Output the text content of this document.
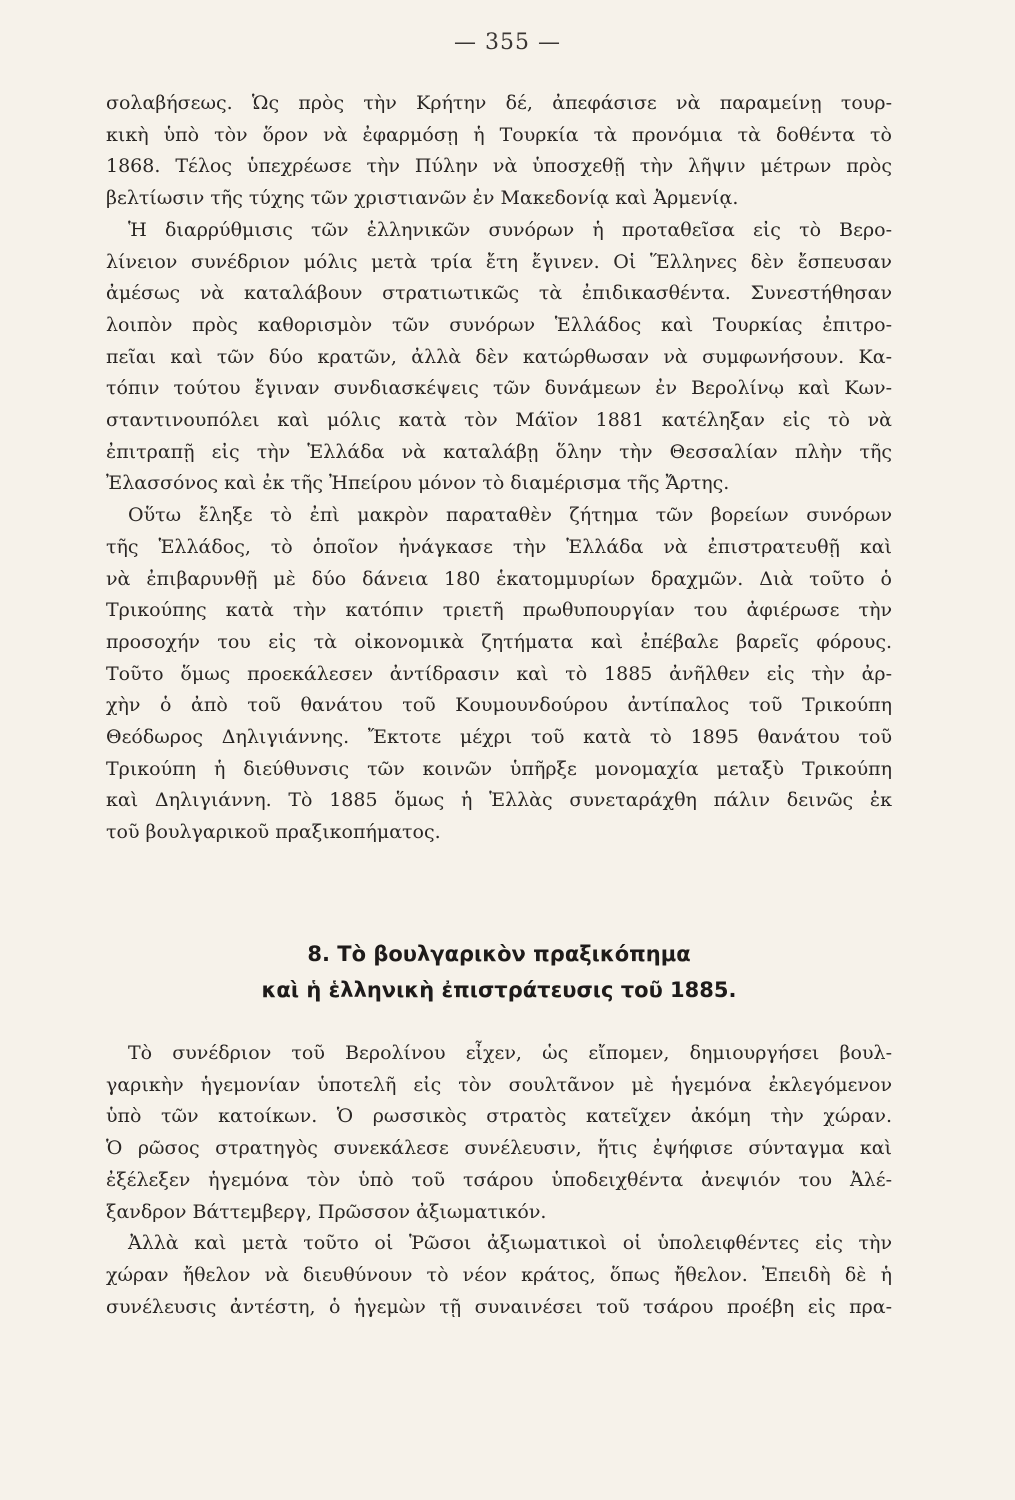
— 355 —
σολαβήσεως. Ὡς πρὸς τὴν Κρήτην δέ, ἀπεφάσισε νὰ παραμείνῃ τουρ-
κικὴ ὑπὸ τὸν ὅρον νὰ ἐφαρμόσῃ ἡ Τουρκία τὰ προνόμια τὰ δοθέντα τὸ
1868. Τέλος ὑπεχρέωσε τὴν Πύλην νὰ ὑποσχεθῇ τὴν λῆψιν μέτρων πρὸς
βελτίωσιν τῆς τύχης τῶν χριστιανῶν ἐν Μακεδονίᾳ καὶ Ἀρμενίᾳ.
Ἡ διαρρύθμισις τῶν ἑλληνικῶν συνόρων ἡ προταθεῖσα εἰς τὸ Βερο-
λίνειον συνέδριον μόλις μετὰ τρία ἔτη ἔγινεν. Οἱ Ἕλληνες δὲν ἔσπευσαν
ἀμέσως νὰ καταλάβουν στρατιωτικῶς τὰ ἐπιδικασθέντα. Συνεστήθησαν
λοιπὸν πρὸς καθορισμὸν τῶν συνόρων Ἑλλάδος καὶ Τουρκίας ἐπιτρο-
πεῖαι καὶ τῶν δύο κρατῶν, ἀλλὰ δὲν κατώρθωσαν νὰ συμφωνήσουν. Κα-
τόπιν τούτου ἔγιναν συνδιασκέψεις τῶν δυνάμεων ἐν Βερολίνῳ καὶ Κων-
σταντινουπόλει καὶ μόλις κατὰ τὸν Μάϊον 1881 κατέληξαν εἰς τὸ νὰ
ἐπιτραπῇ εἰς τὴν Ἑλλάδα νὰ καταλάβῃ ὅλην τὴν Θεσσαλίαν πλὴν τῆς
Ἐλασσόνος καὶ ἐκ τῆς Ἠπείρου μόνον τὸ διαμέρισμα τῆς Ἄρτης.
Οὕτω ἔληξε τὸ ἐπὶ μακρὸν παραταθὲν ζήτημα τῶν βορείων συνόρων
τῆς Ἑλλάδος, τὸ ὁποῖον ἠνάγκασε τὴν Ἑλλάδα νὰ ἐπιστρατευθῇ καὶ
νὰ ἐπιβαρυνθῇ μὲ δύο δάνεια 180 ἑκατομμυρίων δραχμῶν. Διὰ τοῦτο ὁ
Τρικούπης κατὰ τὴν κατόπιν τριετῆ πρωθυπουργίαν του ἀφιέρωσε τὴν
προσοχήν του εἰς τὰ οἰκονομικὰ ζητήματα καὶ ἐπέβαλε βαρεῖς φόρους.
Τοῦτο ὅμως προεκάλεσεν ἀντίδρασιν καὶ τὸ 1885 ἀνῆλθεν εἰς τὴν ἀρ-
χὴν ὁ ἀπὸ τοῦ θανάτου τοῦ Κουμουνδούρου ἀντίπαλος τοῦ Τρικούπη
Θεόδωρος Δηλιγιάννης. Ἔκτοτε μέχρι τοῦ κατὰ τὸ 1895 θανάτου τοῦ
Τρικούπη ἡ διεύθυνσις τῶν κοινῶν ὑπῆρξε μονομαχία μεταξὺ Τρικούπη
καὶ Δηλιγιάννη. Τὸ 1885 ὅμως ἡ Ἑλλὰς συνεταράχθη πάλιν δεινῶς ἐκ
τοῦ βουλγαρικοῦ πραξικοπήματος.
8. Τὸ βουλγαρικὸν πραξικόπημα
καὶ ἡ ἑλληνικὴ ἐπιστράτευσις τοῦ 1885.
Τὸ συνέδριον τοῦ Βερολίνου εἶχεν, ὡς εἴπομεν, δημιουργήσει βουλ-
γαρικὴν ἡγεμονίαν ὑποτελῆ εἰς τὸν σουλτᾶνον μὲ ἡγεμόνα ἐκλεγόμενον
ὑπὸ τῶν κατοίκων. Ὁ ρωσσικὸς στρατὸς κατεῖχεν ἀκόμη τὴν χώραν.
Ὁ ρῶσος στρατηγὸς συνεκάλεσε συνέλευσιν, ἥτις ἐψήφισε σύνταγμα καὶ
ἐξέλεξεν ἡγεμόνα τὸν ὑπὸ τοῦ τσάρου ὑποδειχθέντα ἀνεψιόν του Ἀλέ-
ξανδρον Βάττεμβεργ, Πρῶσσον ἀξιωματικόν.
Ἀλλὰ καὶ μετὰ τοῦτο οἱ Ῥῶσοι ἀξιωματικοὶ οἱ ὑπολειφθέντες εἰς τὴν
χώραν ἤθελον νὰ διευθύνουν τὸ νέον κράτος, ὅπως ἤθελον. Ἐπειδὴ δὲ ἡ
συνέλευσις ἀντέστη, ὁ ἡγεμὼν τῇ συναινέσει τοῦ τσάρου προέβη εἰς πρα-
